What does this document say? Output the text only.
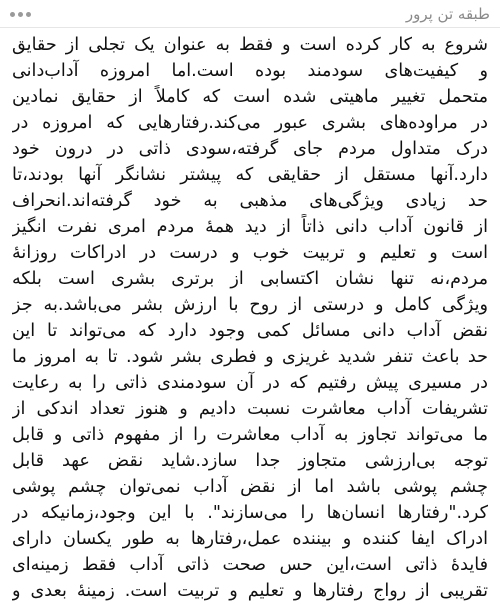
طبقه تن پرور
شروع به کار کرده است و فقط به عنوان یک تجلی از حقایق
و کیفیت‌های سودمند بوده است.اما امروزه آداب‌دانی
متحمل تغییر ماهیتی شده است که کاملاً از حقایق نمادین
در مراوده‌های بشری عبور می‌کند.رفتارهایی که امروزه در
درک متداول مردم جای گرفته،سودی ذاتی در درون خود
دارد.آنها مستقل از حقایقی که پیشتر نشانگر آنها بودند،تا
حد زیادی ویژگی‌های مذهبی به خود گرفته‌اند.انحراف
از قانون آداب دانی ذاتاً از دید همهٔ مردم امری نفرت انگیز
است و تعلیم و تربیت خوب و درست در ادراکات روزانهٔ
مردم،نه تنها نشان اکتسابی از برتری بشری است بلکه
ویژگی کامل و درستی از روح با ارزش بشر می‌باشد.به جز
نقض آداب دانی مسائل کمی وجود دارد که می‌تواند تا این
حد باعث تنفر شدید غریزی و فطری بشر شود. تا به امروز ما
در مسیری پیش رفتیم که در آن سودمندی ذاتی را به رعایت
تشریفات آداب معاشرت نسبت دادیم و هنوز تعداد اندکی از
ما می‌تواند تجاوز به آداب معاشرت را از مفهوم ذاتی و قابل
توجه بی‌ارزشی متجاوز جدا سازد.شاید نقض عهد قابل
چشم پوشی باشد اما از نقض آداب نمی‌توان چشم پوشی
کرد."رفتارها انسان‌ها را می‌سازند". با این وجود،زمانیکه در
ادراک ایفا کننده و بیننده عمل،رفتارها به طور یکسان دارای
فایدهٔ ذاتی است،این حس صحت ذاتی آداب فقط زمینه‌ای
تقریبی از رواج رفتارها و تعلیم و تربیت است. زمینهٔ بعدی و
